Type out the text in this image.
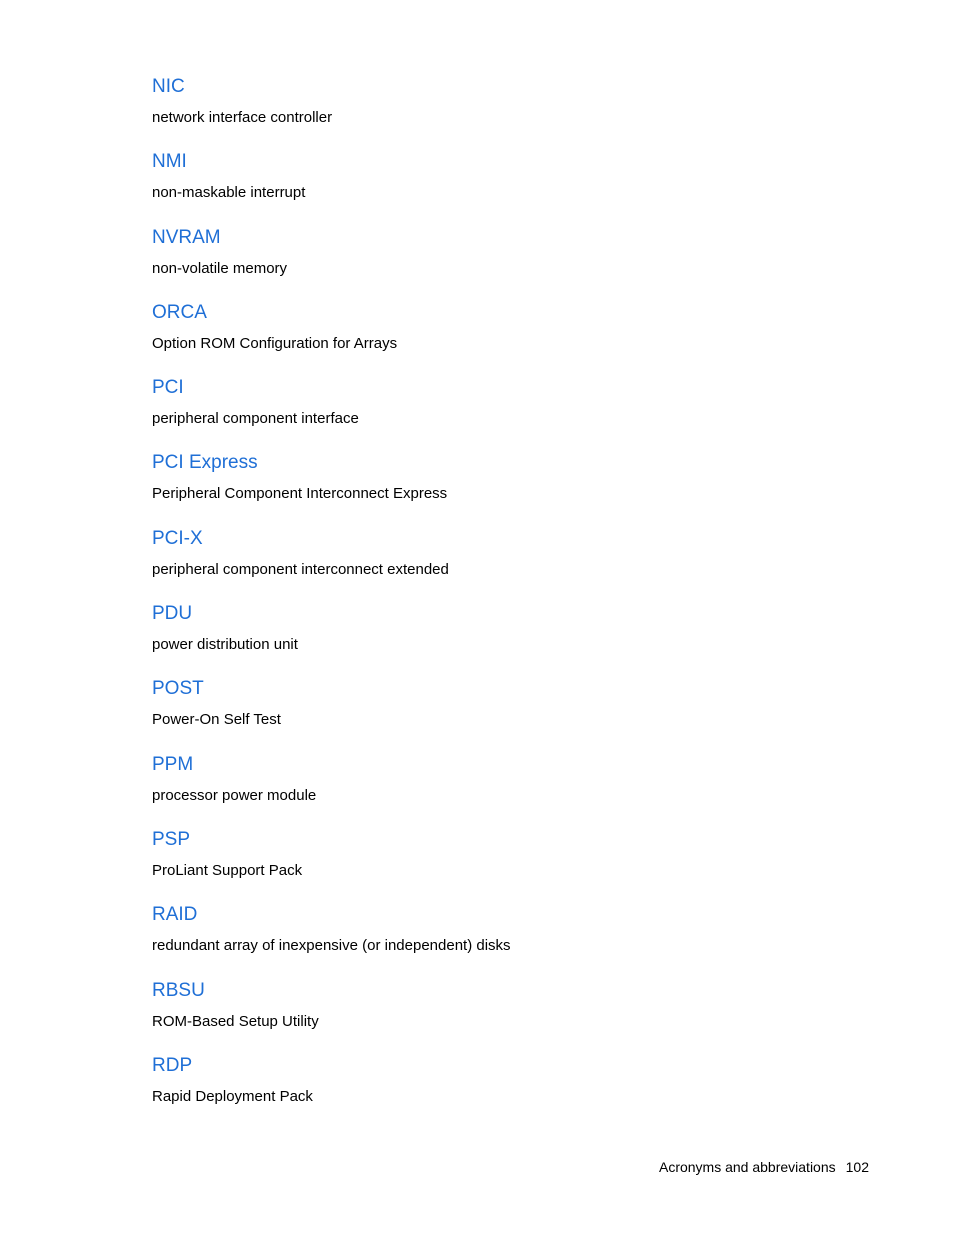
NIC
network interface controller
NMI
non-maskable interrupt
NVRAM
non-volatile memory
ORCA
Option ROM Configuration for Arrays
PCI
peripheral component interface
PCI Express
Peripheral Component Interconnect Express
PCI-X
peripheral component interconnect extended
PDU
power distribution unit
POST
Power-On Self Test
PPM
processor power module
PSP
ProLiant Support Pack
RAID
redundant array of inexpensive (or independent) disks
RBSU
ROM-Based Setup Utility
RDP
Rapid Deployment Pack
Acronyms and abbreviations 102
